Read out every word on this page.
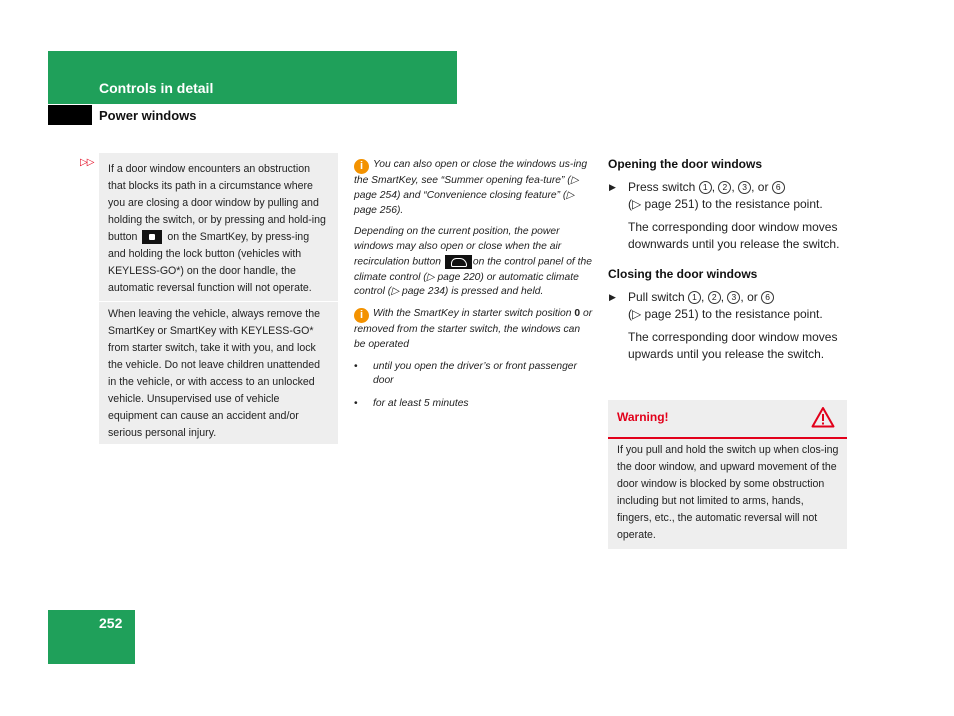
Controls in detail
Power windows
▷▷

If a door window encounters an obstruction that blocks its path in a circumstance where you are closing a door window by pulling and holding the switch, or by pressing and hold-ing button	on the SmartKey, by press-ing and holding the lock button (vehicles with KEYLESS-GO*) on the door handle, the automatic reversal function will not operate.

When leaving the vehicle, always remove the SmartKey or SmartKey with KEYLESS-GO* from starter switch, take it with you, and lock the vehicle. Do not leave children unattended in the vehicle, or with access to an unlocked vehicle. Unsupervised use of vehicle equipment can cause an accident and/or serious personal injury.

i You can also open or close the windows us-ing the SmartKey, see “Summer opening fea-ture” (▷ page 254) and “Convenience closing feature” (▷ page 256).

Depending on the current position, the power windows may also open or close when the air recirculation button	on the control panel of the climate control (▷ page 220) or automatic climate control (▷ page 234) is pressed and held.

i With the SmartKey in starter switch position 0 or removed from the starter switch, the windows can be operated

• until you open the driver’s or front passenger door
• for at least 5 minutes
Opening the door windows
▶ Press switch 1 , 2 , 3 , or 6
(▷ page 251) to the resistance point.
The corresponding door window moves downwards until you release the switch.
Closing the door windows
▶ Pull switch 1 , 2 , 3 , or 6
(▷ page 251) to the resistance point.
The corresponding door window moves upwards until you release the switch.
Warning!
If you pull and hold the switch up when clos-ing the door window, and upward movement of the door window is blocked by some obstruction including but not limited to arms, hands, fingers, etc., the automatic reversal will not operate.
252
